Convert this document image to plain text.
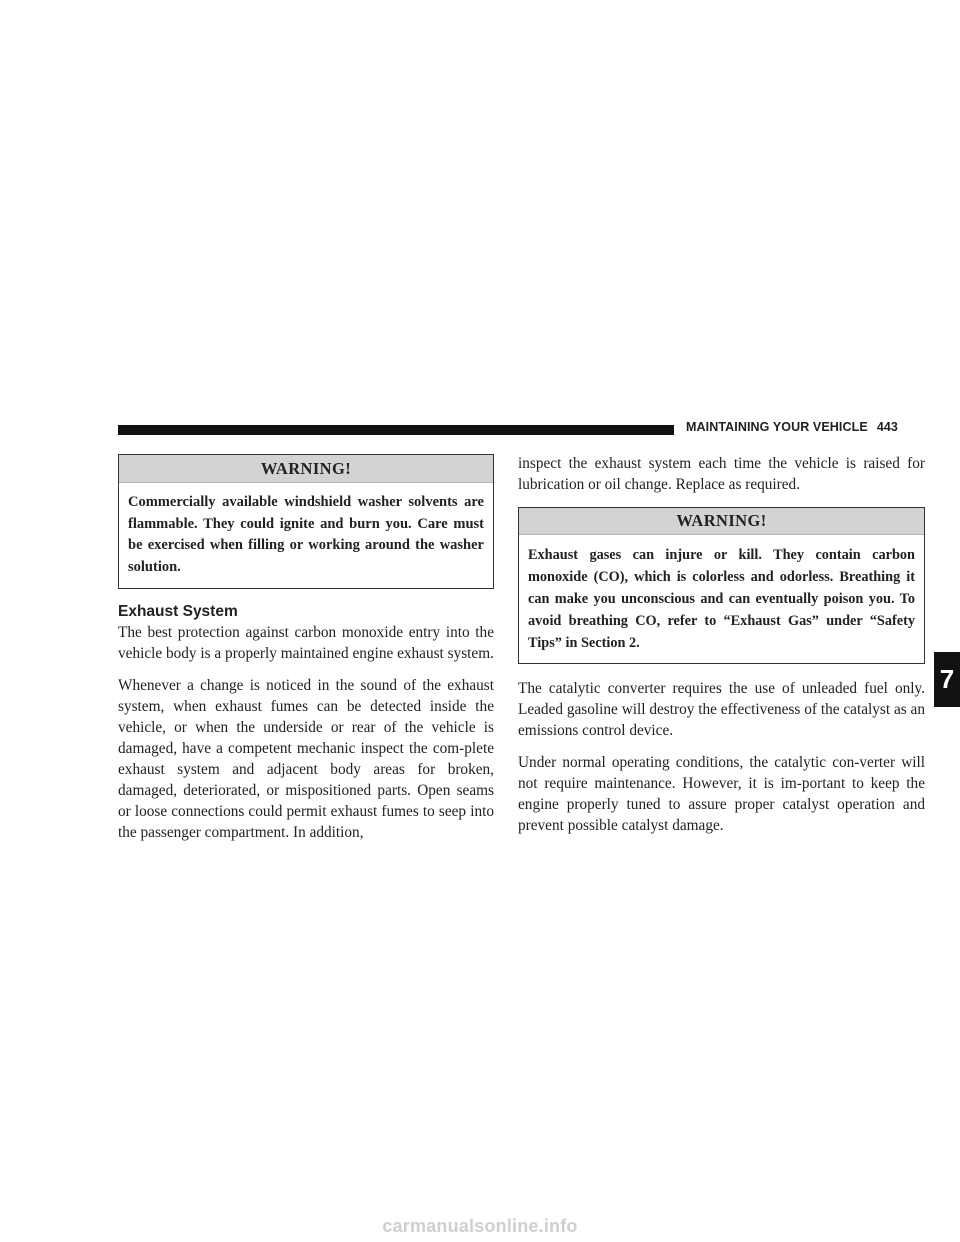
MAINTAINING YOUR VEHICLE 443
WARNING!
Commercially available windshield washer solvents are flammable. They could ignite and burn you. Care must be exercised when filling or working around the washer solution.
Exhaust System

The best protection against carbon monoxide entry into the vehicle body is a properly maintained engine exhaust system.

Whenever a change is noticed in the sound of the exhaust system, when exhaust fumes can be detected inside the vehicle, or when the underside or rear of the vehicle is damaged, have a competent mechanic inspect the com-plete exhaust system and adjacent body areas for broken, damaged, deteriorated, or mispositioned parts. Open seams or loose connections could permit exhaust fumes to seep into the passenger compartment. In addition,

inspect the exhaust system each time the vehicle is raised for lubrication or oil change. Replace as required.

WARNING!
Exhaust gases can injure or kill. They contain carbon monoxide (CO), which is colorless and odorless. Breathing it can make you unconscious and can eventually poison you. To avoid breathing CO, refer to “Exhaust Gas” under “Safety Tips” in Section 2.

The catalytic converter requires the use of unleaded fuel only. Leaded gasoline will destroy the effectiveness of the catalyst as an emissions control device.

Under normal operating conditions, the catalytic con-verter will not require maintenance. However, it is im-portant to keep the engine properly tuned to assure proper catalyst operation and prevent possible catalyst damage.

7
carmanualsonline.info
